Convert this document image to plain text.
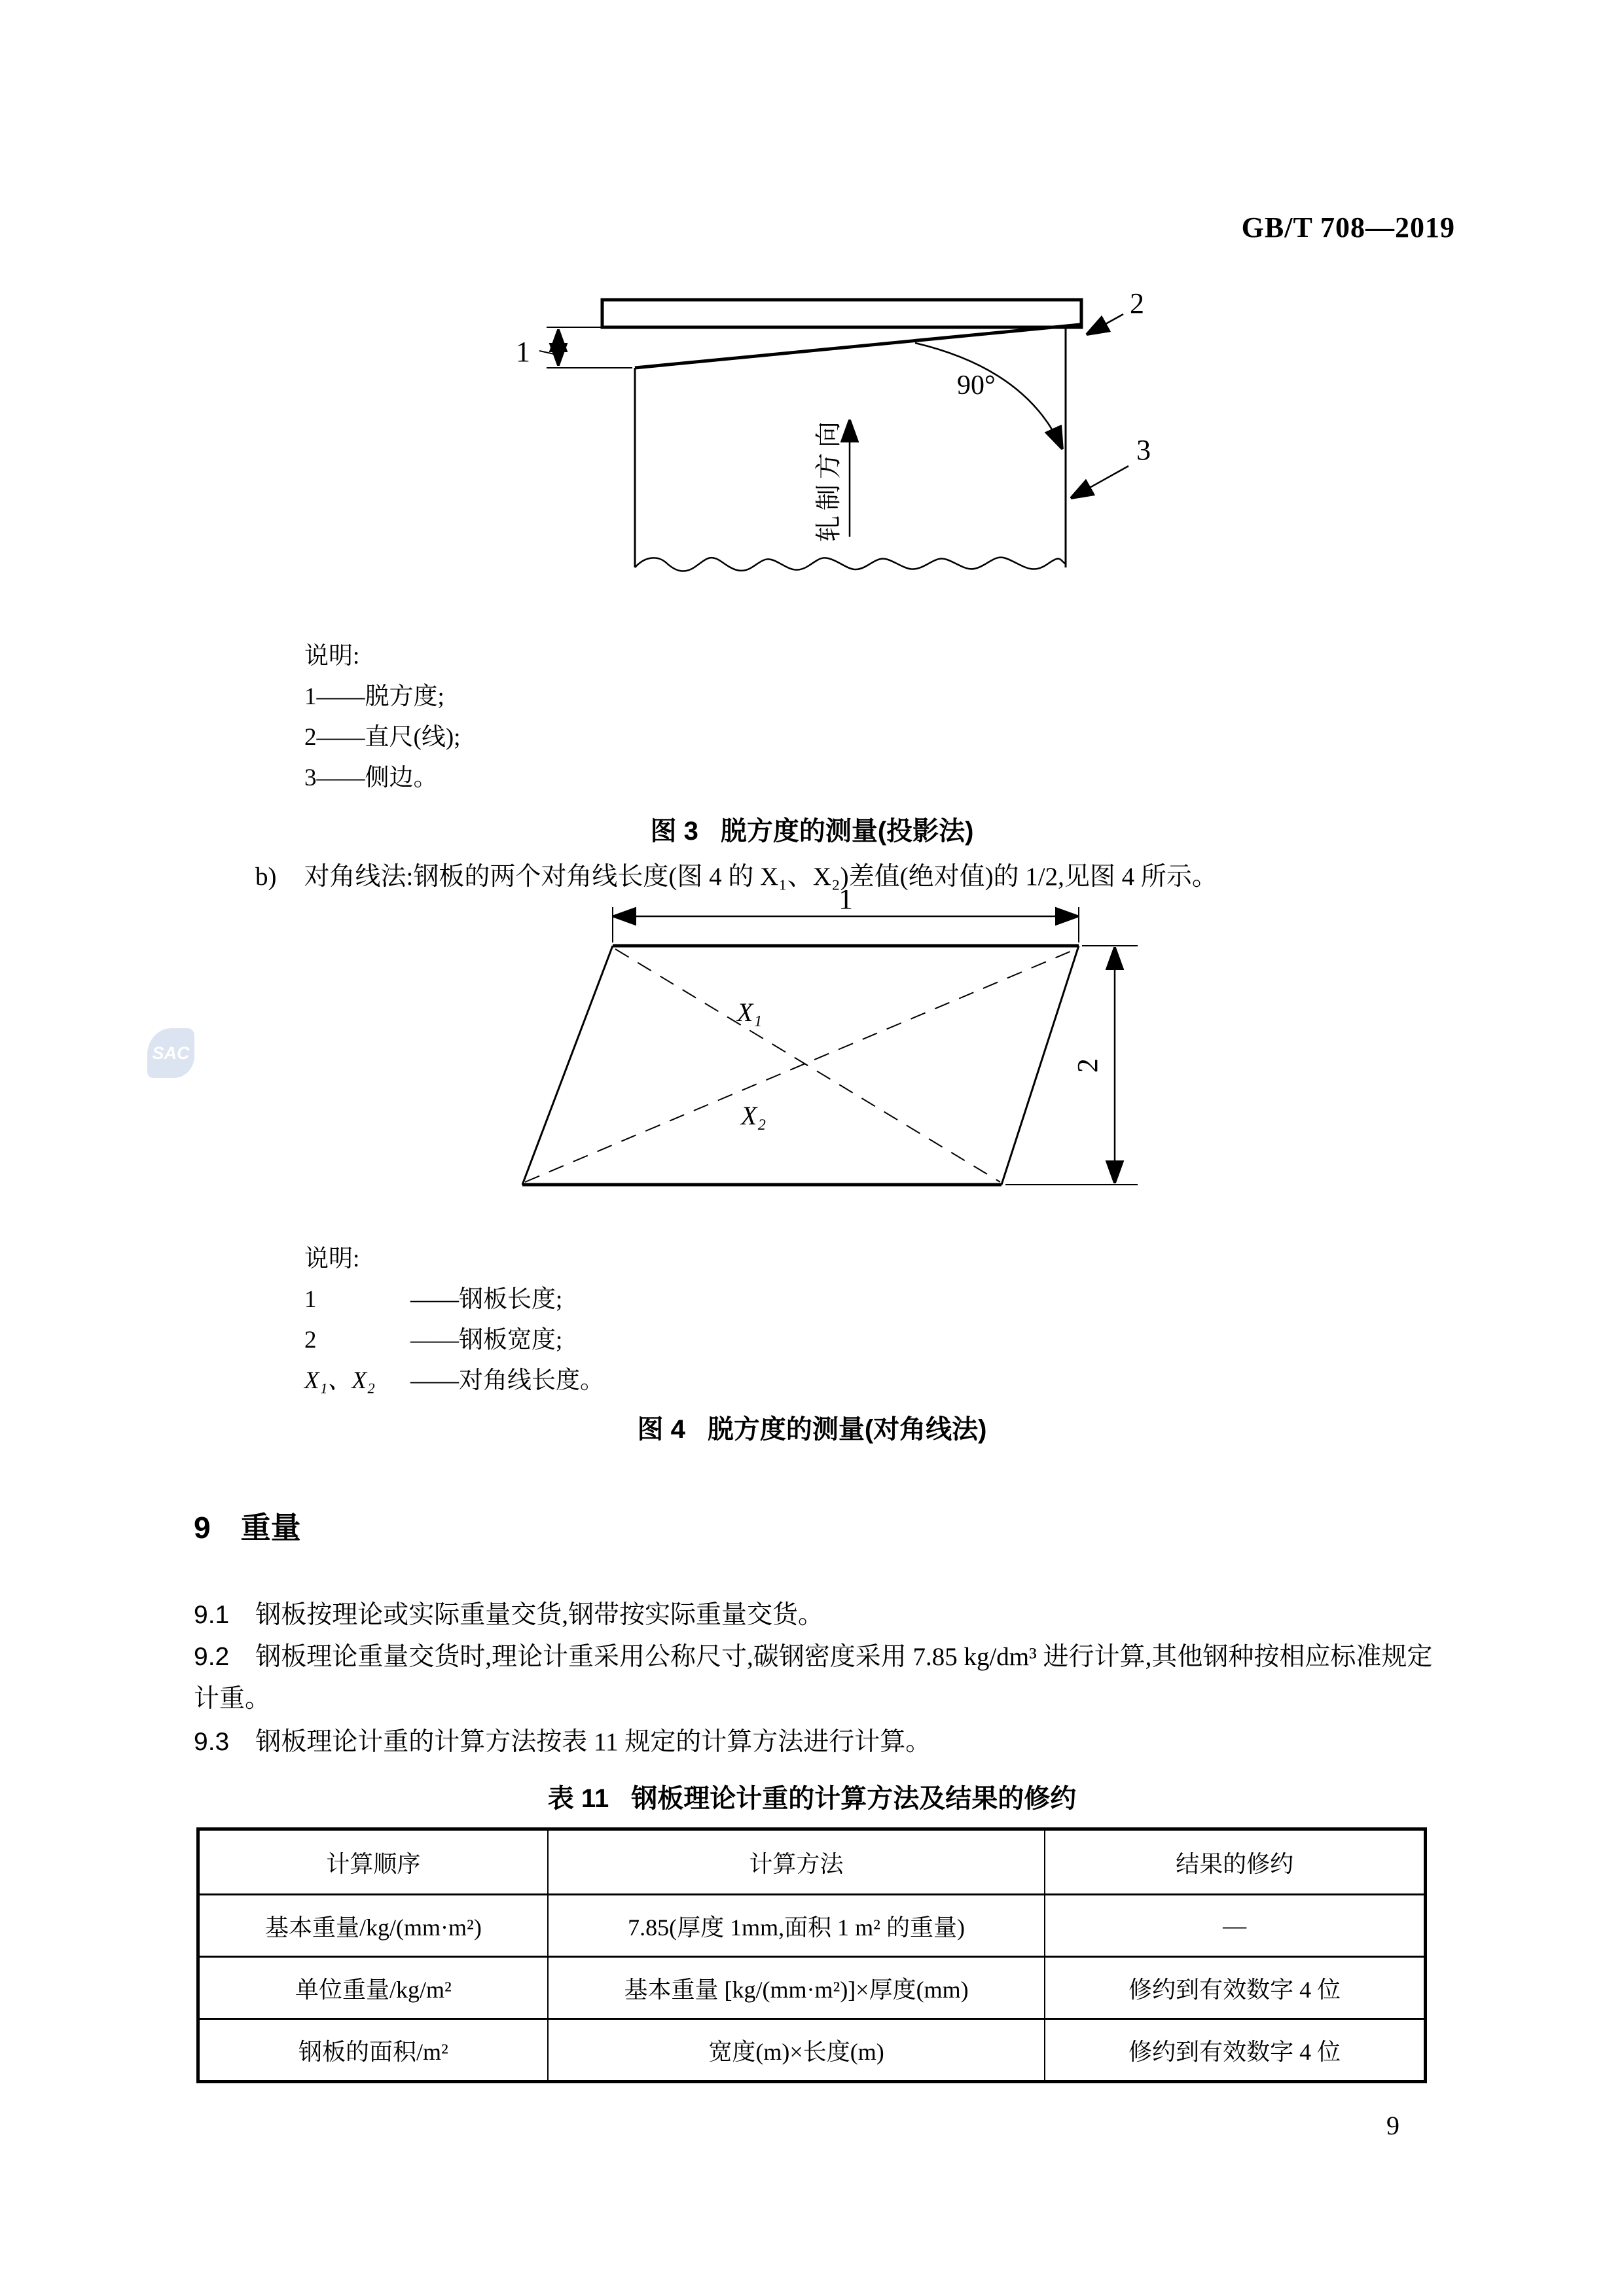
GB/T 708—2019
SAC
1
2
90°
3
轧制方向
说明:
1——脱方度;
2——直尺(线);
3——侧边。
图 3 脱方度的测量(投影法)
b) 对角线法:钢板的两个对角线长度(图 4 的 X₁、X₂)差值(绝对值)的 1/2,见图 4 所示。
X₁
X₂
1
2
说明:
1	——钢板长度;
2	——钢板宽度;
X₁、X₂ ——对角线长度。
图 4 脱方度的测量(对角线法)
9 重量
9.1 钢板按理论或实际重量交货,钢带按实际重量交货。
9.2 钢板理论重量交货时,理论计重采用公称尺寸,碳钢密度采用 7.85 kg/dm³ 进行计算,其他钢种按相应标准规定计重。
9.3 钢板理论计重的计算方法按表 11 规定的计算方法进行计算。
表 11 钢板理论计重的计算方法及结果的修约
计算顺序	计算方法	结果的修约
基本重量/kg/(mm·m²)	7.85(厚度 1mm,面积 1 m² 的重量)	—
单位重量/kg/m²	基本重量 [kg/(mm·m²)]×厚度(mm)	修约到有效数字 4 位
钢板的面积/m²	宽度(m)×长度(m)	修约到有效数字 4 位
9
